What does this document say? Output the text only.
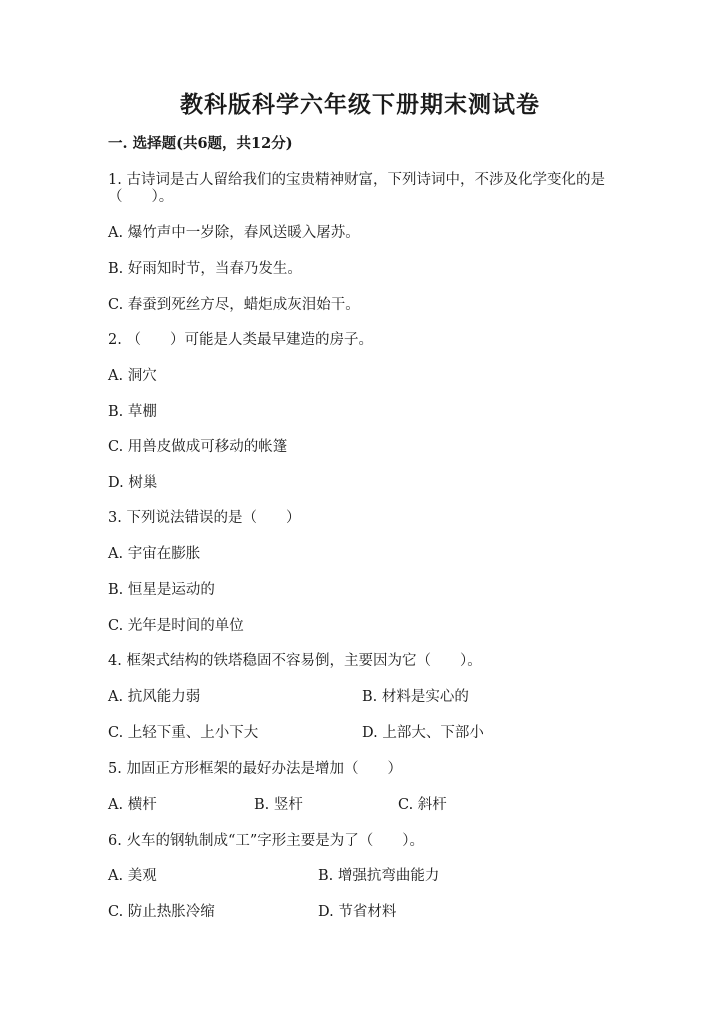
教科版科学六年级下册期末测试卷
一. 选择题(共6题，共12分)
1. 古诗词是古人留给我们的宝贵精神财富，下列诗词中，不涉及化学变化的是
（　　）。
A. 爆竹声中一岁除，春风送暖入屠苏。
B. 好雨知时节，当春乃发生。
C. 春蚕到死丝方尽，蜡炬成灰泪始干。
2. （　　）可能是人类最早建造的房子。
A. 洞穴
B. 草棚
C. 用兽皮做成可移动的帐篷
D. 树巢
3. 下列说法错误的是（　　）
A. 宇宙在膨胀
B. 恒星是运动的
C. 光年是时间的单位
4. 框架式结构的铁塔稳固不容易倒，主要因为它（　　）。
A. 抗风能力弱	B. 材料是实心的
C. 上轻下重、上小下大	D. 上部大、下部小
5. 加固正方形框架的最好办法是增加（　　）
A. 横杆	B. 竖杆	C. 斜杆
6. 火车的钢轨制成“工”字形主要是为了（　　）。
A. 美观	B. 增强抗弯曲能力
C. 防止热胀冷缩	D. 节省材料
